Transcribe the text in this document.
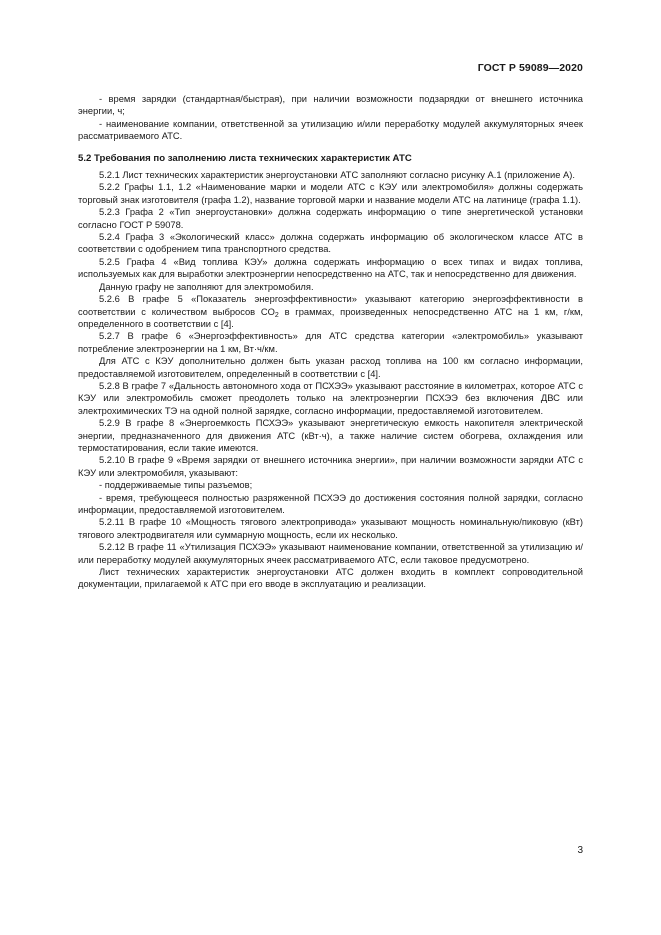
ГОСТ Р 59089—2020

- время зарядки (стандартная/быстрая), при наличии возможности подзарядки от внешнего источника энергии, ч;

- наименование компании, ответственной за утилизацию и/или переработку модулей аккумуляторных ячеек рассматриваемого АТС.

5.2 Требования по заполнению листа технических характеристик АТС

5.2.1 Лист технических характеристик энергоустановки АТС заполняют согласно рисунку А.1 (приложение А).

5.2.2 Графы 1.1, 1.2 «Наименование марки и модели АТС с КЭУ или электромобиля» должны содержать торговый знак изготовителя (графа 1.2), название торговой марки и название модели АТС на латинице (графа 1.1).

5.2.3 Графа 2 «Тип энергоустановки» должна содержать информацию о типе энергетической установки согласно ГОСТ Р 59078.

5.2.4 Графа 3 «Экологический класс» должна содержать информацию об экологическом классе АТС в соответствии с одобрением типа транспортного средства.

5.2.5 Графа 4 «Вид топлива КЭУ» должна содержать информацию о всех типах и видах топлива, используемых как для выработки электроэнергии непосредственно на АТС, так и непосредственно для движения.

Данную графу не заполняют для электромобиля.

5.2.6 В графе 5 «Показатель энергоэффективности» указывают категорию энергоэффективности в соответствии с количеством выбросов $CO_2$ в граммах, произведенных непосредственно АТС на 1 км, г/км, определенного в соответствии с [4].

5.2.7 В графе 6 «Энергоэффективность» для АТС средства категории «электромобиль» указывают потребление электроэнергии на 1 км, Вт·ч/км.

Для АТС с КЭУ дополнительно должен быть указан расход топлива на 100 км согласно информации, предоставляемой изготовителем, определенный в соответствии с [4].

5.2.8 В графе 7 «Дальность автономного хода от ПСХЭЭ» указывают расстояние в километрах, которое АТС с КЭУ или электромобиль сможет преодолеть только на электроэнергии ПСХЭЭ без включения ДВС или электрохимических ТЭ на одной полной зарядке, согласно информации, предоставляемой изготовителем.

5.2.9 В графе 8 «Энергоемкость ПСХЭЭ» указывают энергетическую емкость накопителя электрической энергии, предназначенного для движения АТС (кВт·ч), а также наличие систем обогрева, охлаждения или термостатирования, если такие имеются.

5.2.10 В графе 9 «Время зарядки от внешнего источника энергии», при наличии возможности зарядки АТС с КЭУ или электромобиля, указывают:

- поддерживаемые типы разъемов;

- время, требующееся полностью разряженной ПСХЭЭ до достижения состояния полной зарядки, согласно информации, предоставляемой изготовителем.

5.2.11 В графе 10 «Мощность тягового электропривода» указывают мощность номинальную/пиковую (кВт) тягового электродвигателя или суммарную мощность, если их несколько.

5.2.12 В графе 11 «Утилизация ПСХЭЭ» указывают наименование компании, ответственной за утилизацию и/или переработку модулей аккумуляторных ячеек рассматриваемого АТС, если таковое предусмотрено.

Лист технических характеристик энергоустановки АТС должен входить в комплект сопроводительной документации, прилагаемой к АТС при его вводе в эксплуатацию и реализации.

3
